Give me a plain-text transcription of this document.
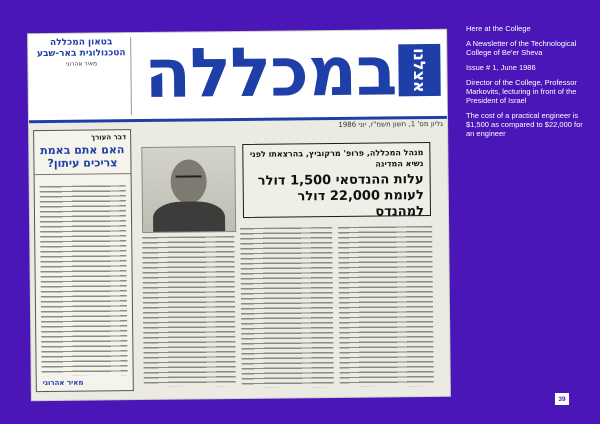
בטאון המכללה הטכנולוגית באר-שבע
מאיר אהרוני במכללה אצלנו
גליון מס' 1, חשון תשמ"ז, יוני 1986
דבר העורך
האם אתם באמת צריכים עיתון?
מאיר אהרוני
מנהל המכללה, פרופ' מרקוביץ, בהרצאתו לפני נשיא המדינה
עלות ההנדסאי 1,500 דולר לעומת 22,000 דולר למהנדס

Here at the College

A Newsletter of the Technological College of Be'er Sheva

Issue # 1, June 1986

Director of the College, Professor Markovits, lecturing in front of the President of Israel

The cost of a practical engineer is $1,500 as compared to $22,000 for an engineer

39
